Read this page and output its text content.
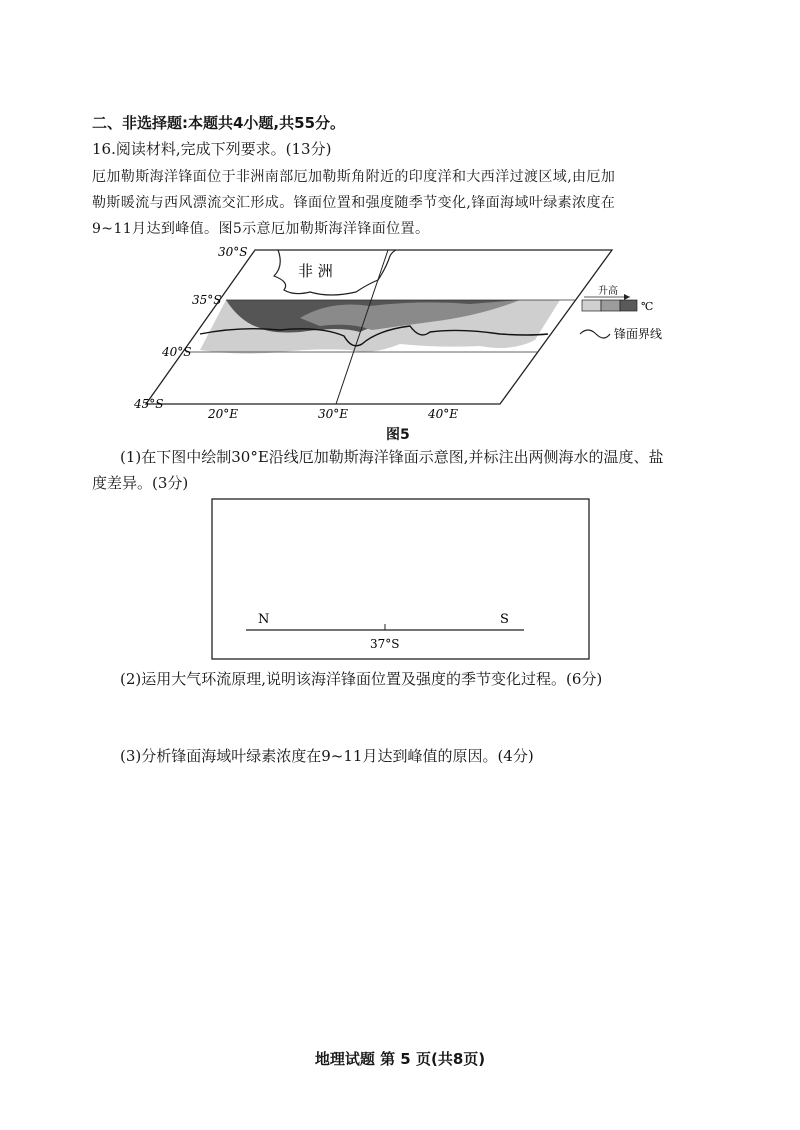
二、非选择题:本题共4小题,共55分。
16.阅读材料,完成下列要求。(13分)
厄加勒斯海洋锋面位于非洲南部厄加勒斯角附近的印度洋和大西洋过渡区域,由厄加
勒斯暖流与西风漂流交汇形成。锋面位置和强度随季节变化,锋面海域叶绿素浓度在
9~11月达到峰值。图5示意厄加勒斯海洋锋面位置。
非 洲
30°S
35°S
40°S
45°S
20°E	30°E	40°E
升高
℃
锋面界线
图5
(1)在下图中绘制30°E沿线厄加勒斯海洋锋面示意图,并标注出两侧海水的温度、盐
度差异。(3分)
N	S
37°S
(2)运用大气环流原理,说明该海洋锋面位置及强度的季节变化过程。(6分)
(3)分析锋面海域叶绿素浓度在9~11月达到峰值的原因。(4分)
地理试题 第 5 页(共8页)
